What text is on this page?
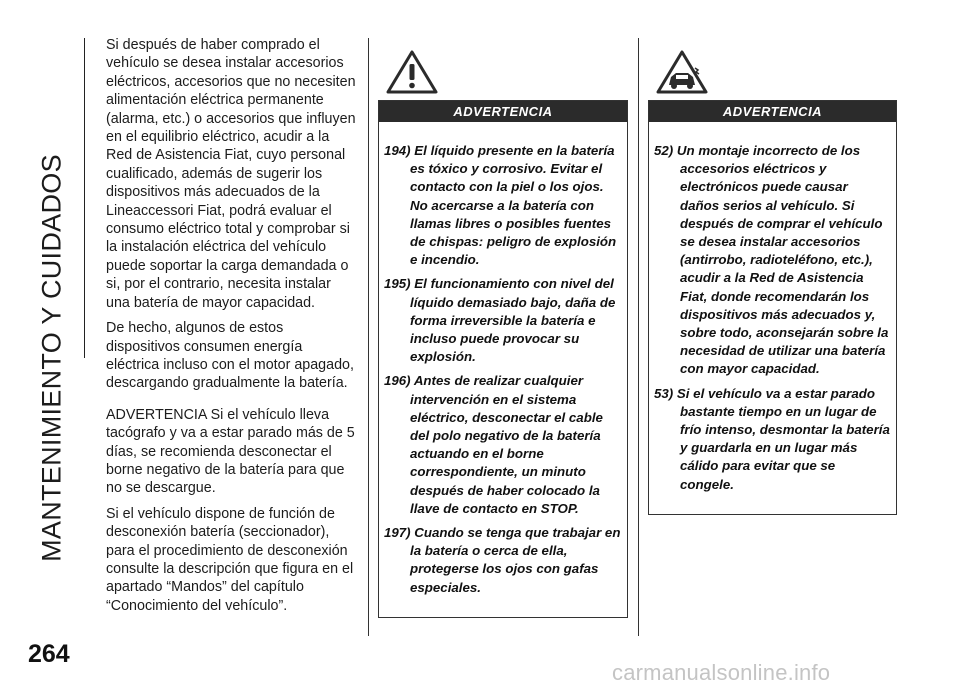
MANTENIMIENTO Y CUIDADOS
264

Si después de haber comprado el vehículo se desea instalar accesorios eléctricos, accesorios que no necesiten alimentación eléctrica permanente (alarma, etc.) o accesorios que influyen en el equilibrio eléctrico, acudir a la Red de Asistencia Fiat, cuyo personal cualificado, además de sugerir los dispositivos más adecuados de la Lineaccessori Fiat, podrá evaluar el consumo eléctrico total y comprobar si la instalación eléctrica del vehículo puede soportar la carga demandada o si, por el contrario, necesita instalar una batería de mayor capacidad.

De hecho, algunos de estos dispositivos consumen energía eléctrica incluso con el motor apagado, descargando gradualmente la batería.

ADVERTENCIA Si el vehículo lleva tacógrafo y va a estar parado más de 5 días, se recomienda desconectar el borne negativo de la batería para que no se descargue.

Si el vehículo dispone de función de desconexión batería (seccionador), para el procedimiento de desconexión consulte la descripción que figura en el apartado “Mandos” del capítulo “Conocimiento del vehículo”.

ADVERTENCIA
194) El líquido presente en la batería es tóxico y corrosivo. Evitar el contacto con la piel o los ojos. No acercarse a la batería con llamas libres o posibles fuentes de chispas: peligro de explosión e incendio.
195) El funcionamiento con nivel del líquido demasiado bajo, daña de forma irreversible la batería e incluso puede provocar su explosión.
196) Antes de realizar cualquier intervención en el sistema eléctrico, desconectar el cable del polo negativo de la batería actuando en el borne correspondiente, un minuto después de haber colocado la llave de contacto en STOP.
197) Cuando se tenga que trabajar en la batería o cerca de ella, protegerse los ojos con gafas especiales.
ADVERTENCIA
52) Un montaje incorrecto de los accesorios eléctricos y electrónicos puede causar daños serios al vehículo. Si después de comprar el vehículo se desea instalar accesorios (antirrobo, radioteléfono, etc.), acudir a la Red de Asistencia Fiat, donde recomendarán los dispositivos más adecuados y, sobre todo, aconsejarán sobre la necesidad de utilizar una batería con mayor capacidad.
53) Si el vehículo va a estar parado bastante tiempo en un lugar de frío intenso, desmontar la batería y guardarla en un lugar más cálido para evitar que se congele.
carmanualsonline.info
